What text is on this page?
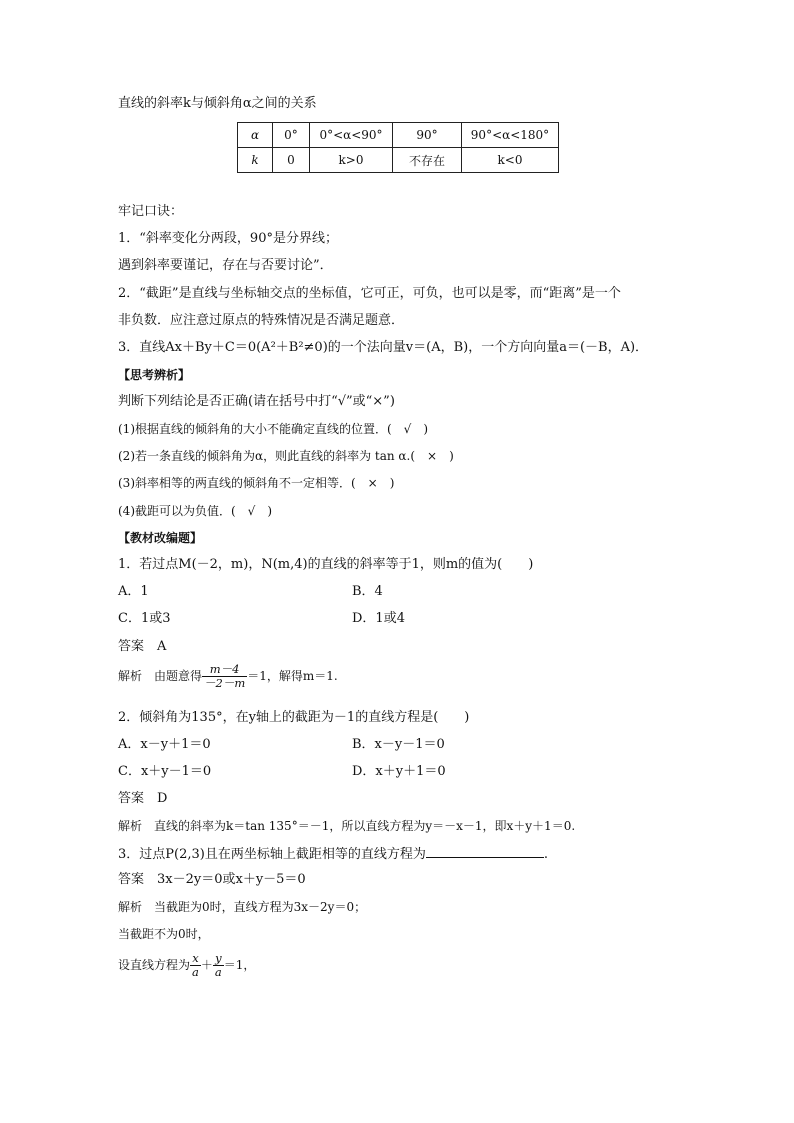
直线的斜率k与倾斜角α之间的关系
α	0°	0°<α<90°	90°	90°<α<180°
k	0	k>0	不存在	k<0
牢记口诀：
1．“斜率变化分两段，90°是分界线；
遇到斜率要谨记，存在与否要讨论”．
2．“截距”是直线与坐标轴交点的坐标值，它可正，可负，也可以是零，而“距离”是一个
非负数．应注意过原点的特殊情况是否满足题意．
3．直线Ax＋By＋C＝0(A²＋B²≠0)的一个法向量v＝(A，B)，一个方向向量a＝(－B，A)．
【思考辨析】
判断下列结论是否正确(请在括号中打“√”或“×”)
(1)根据直线的倾斜角的大小不能确定直线的位置．(　√　)
(2)若一条直线的倾斜角为α，则此直线的斜率为 tan α.(　×　)
(3)斜率相等的两直线的倾斜角不一定相等．(　×　)
(4)截距可以为负值．(　√　)
【教材改编题】
1．若过点M(－2，m)，N(m,4)的直线的斜率等于1，则m的值为(　　)
A．1	B．4
C．1或3	D．1或4
答案　A
解析　由题意得 $\frac{m-4}{-2-m} =1$，解得m＝1.
2．倾斜角为135°，在y轴上的截距为－1的直线方程是(　　)
A．x－y＋1＝0	B．x－y－1＝0
C．x＋y－1＝0	D．x＋y＋1＝0
答案　D
解析　直线的斜率为k＝tan 135°＝－1，所以直线方程为y＝－x－1，即x＋y＋1＝0.
3．过点P(2,3)且在两坐标轴上截距相等的直线方程为	.
答案　3x－2y＝0或x＋y－5＝0
解析　当截距为0时，直线方程为3x－2y＝0；
当截距不为0时，
设直线方程为 $\frac{x}{a} + \frac{y}{a} =1$，
